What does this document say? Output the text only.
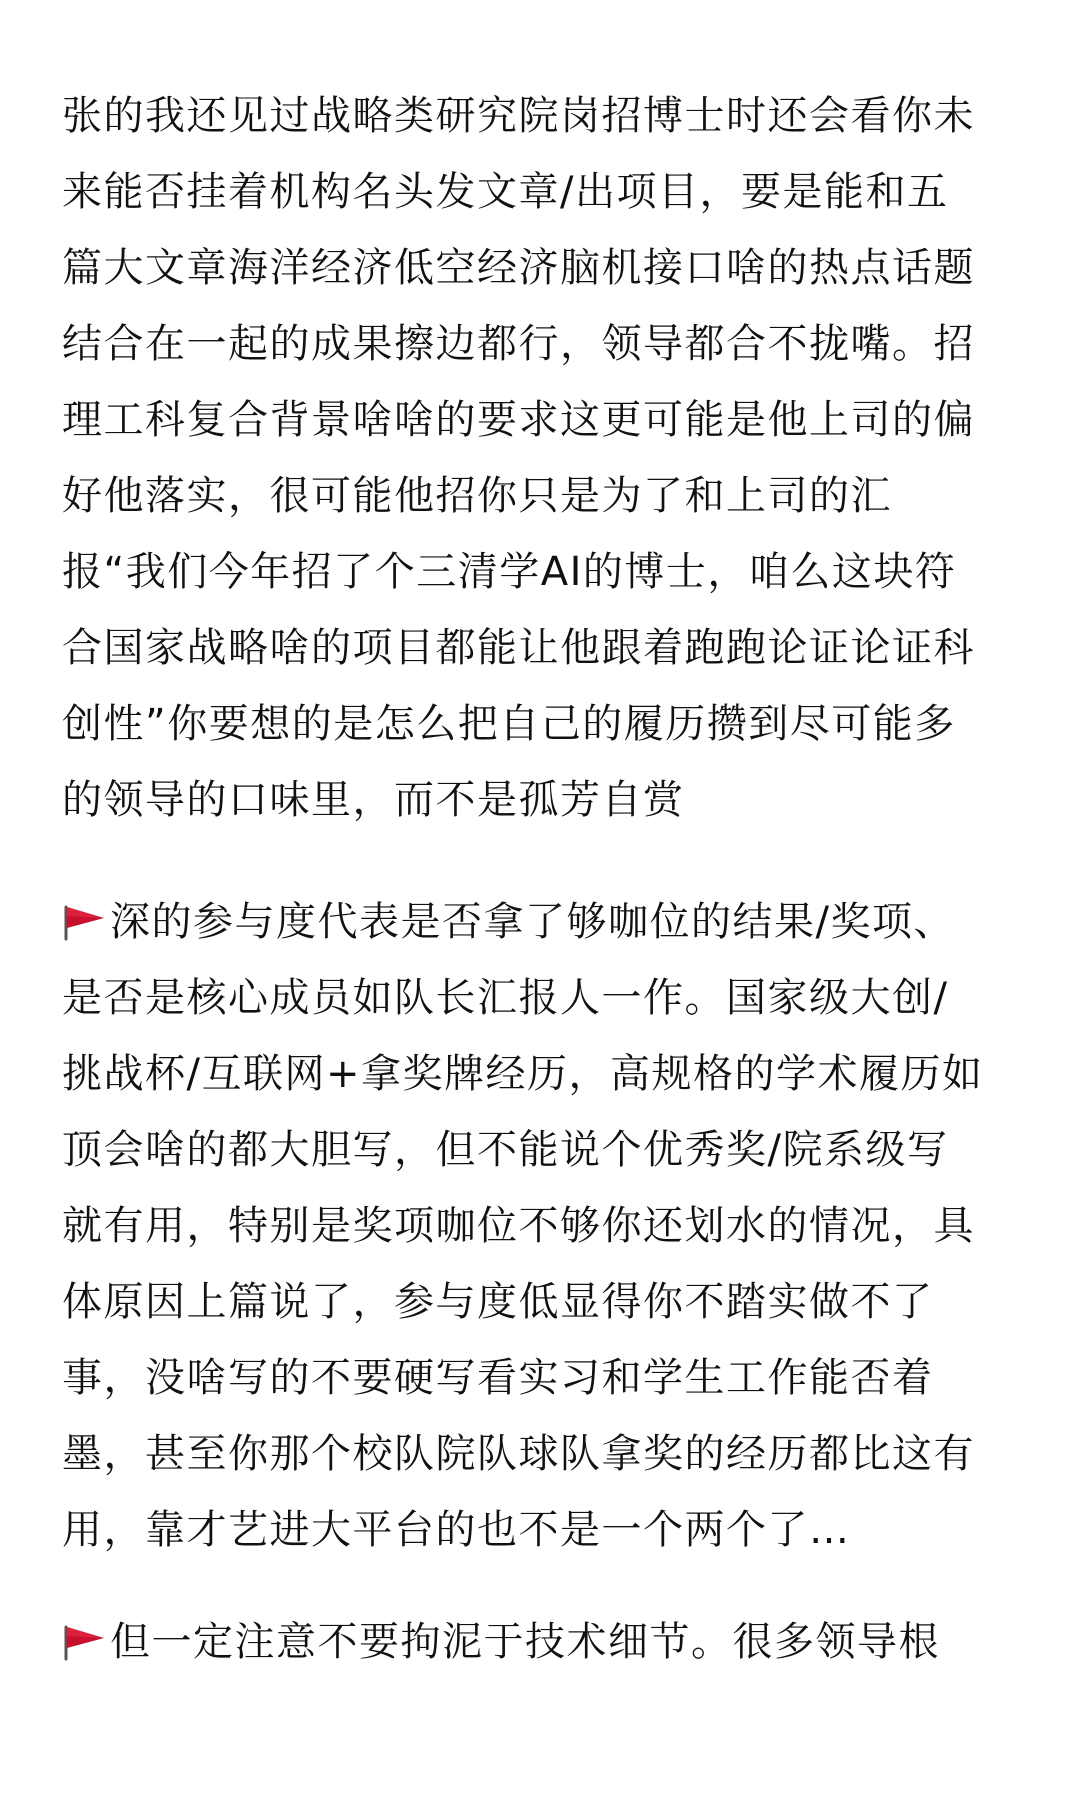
张的我还见过战略类研究院岗招博士时还会看你未
来能否挂着机构名头发文章/出项目，要是能和五
篇大文章海洋经济低空经济脑机接口啥的热点话题
结合在一起的成果擦边都行，领导都合不拢嘴。招
理工科复合背景啥啥的要求这更可能是他上司的偏
好他落实，很可能他招你只是为了和上司的汇
报“我们今年招了个三清学AI的博士，咱么这块符
合国家战略啥的项目都能让他跟着跑跑论证论证科
创性”你要想的是怎么把自己的履历攒到尽可能多
的领导的口味里，而不是孤芳自赏
深的参与度代表是否拿了够咖位的结果/奖项、
是否是核心成员如队长汇报人一作。国家级大创/
挑战杯/互联网+拿奖牌经历，高规格的学术履历如
顶会啥的都大胆写，但不能说个优秀奖/院系级写
就有用，特别是奖项咖位不够你还划水的情况，具
体原因上篇说了，参与度低显得你不踏实做不了
事，没啥写的不要硬写看实习和学生工作能否着
墨，甚至你那个校队院队球队拿奖的经历都比这有
用，靠才艺进大平台的也不是一个两个了…
但一定注意不要拘泥于技术细节。很多领导根
